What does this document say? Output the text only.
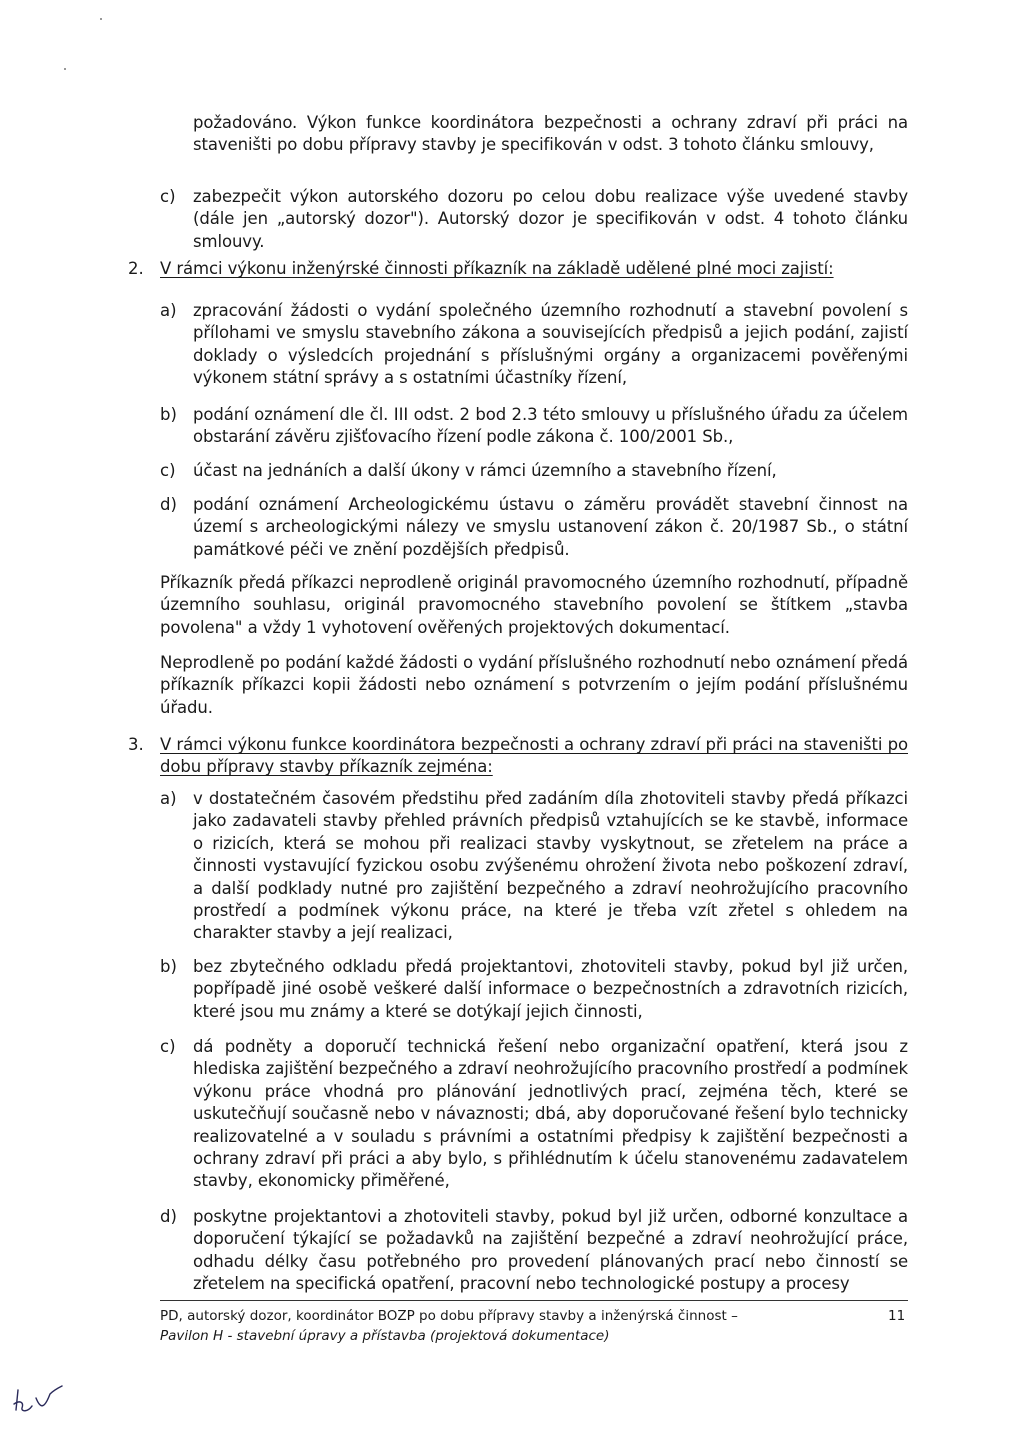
požadováno. Výkon funkce koordinátora bezpečnosti a ochrany zdraví při práci na staveništi po dobu přípravy stavby je specifikován v odst. 3 tohoto článku smlouvy,

c) zabezpečit výkon autorského dozoru po celou dobu realizace výše uvedené stavby (dále jen „autorský dozor"). Autorský dozor je specifikován v odst. 4 tohoto článku smlouvy.

2. V rámci výkonu inženýrské činnosti příkazník na základě udělené plné moci zajistí:

a) zpracování žádosti o vydání společného územního rozhodnutí a stavební povolení s přílohami ve smyslu stavebního zákona a souvisejících předpisů a jejich podání, zajistí doklady o výsledcích projednání s příslušnými orgány a organizacemi pověřenými výkonem státní správy a s ostatními účastníky řízení,

b) podání oznámení dle čl. III odst. 2 bod 2.3 této smlouvy u příslušného úřadu za účelem obstarání závěru zjišťovacího řízení podle zákona č. 100/2001 Sb.,

c) účast na jednáních a další úkony v rámci územního a stavebního řízení,

d) podání oznámení Archeologickému ústavu o záměru provádět stavební činnost na území s archeologickými nálezy ve smyslu ustanovení zákon č. 20/1987 Sb., o státní památkové péči ve znění pozdějších předpisů.

Příkazník předá příkazci neprodleně originál pravomocného územního rozhodnutí, případně územního souhlasu, originál pravomocného stavebního povolení se štítkem „stavba povolena" a vždy 1 vyhotovení ověřených projektových dokumentací.

Neprodleně po podání každé žádosti o vydání příslušného rozhodnutí nebo oznámení předá příkazník příkazci kopii žádosti nebo oznámení s potvrzením o jejím podání příslušnému úřadu.

3. V rámci výkonu funkce koordinátora bezpečnosti a ochrany zdraví při práci na staveništi po dobu přípravy stavby příkazník zejména:

a) v dostatečném časovém předstihu před zadáním díla zhotoviteli stavby předá příkazci jako zadavateli stavby přehled právních předpisů vztahujících se ke stavbě, informace o rizicích, která se mohou při realizaci stavby vyskytnout, se zřetelem na práce a činnosti vystavující fyzickou osobu zvýšenému ohrožení života nebo poškození zdraví, a další podklady nutné pro zajištění bezpečného a zdraví neohrožujícího pracovního prostředí a podmínek výkonu práce, na které je třeba vzít zřetel s ohledem na charakter stavby a její realizaci,

b) bez zbytečného odkladu předá projektantovi, zhotoviteli stavby, pokud byl již určen, popřípadě jiné osobě veškeré další informace o bezpečnostních a zdravotních rizicích, které jsou mu známy a které se dotýkají jejich činnosti,

c) dá podněty a doporučí technická řešení nebo organizační opatření, která jsou z hlediska zajištění bezpečného a zdraví neohrožujícího pracovního prostředí a podmínek výkonu práce vhodná pro plánování jednotlivých prací, zejména těch, které se uskutečňují současně nebo v návaznosti; dbá, aby doporučované řešení bylo technicky realizovatelné a v souladu s právními a ostatními předpisy k zajištění bezpečnosti a ochrany zdraví při práci a aby bylo, s přihlédnutím k účelu stanovenému zadavatelem stavby, ekonomicky přiměřené,

d) poskytne projektantovi a zhotoviteli stavby, pokud byl již určen, odborné konzultace a doporučení týkající se požadavků na zajištění bezpečné a zdraví neohrožující práce, odhadu délky času potřebného pro provedení plánovaných prací nebo činností se zřetelem na specifická opatření, pracovní nebo technologické postupy a procesy

PD, autorský dozor, koordinátor BOZP po dobu přípravy stavby a inženýrská činnost –

Pavilon H - stavební úpravy a přístavba (projektová dokumentace)

11
